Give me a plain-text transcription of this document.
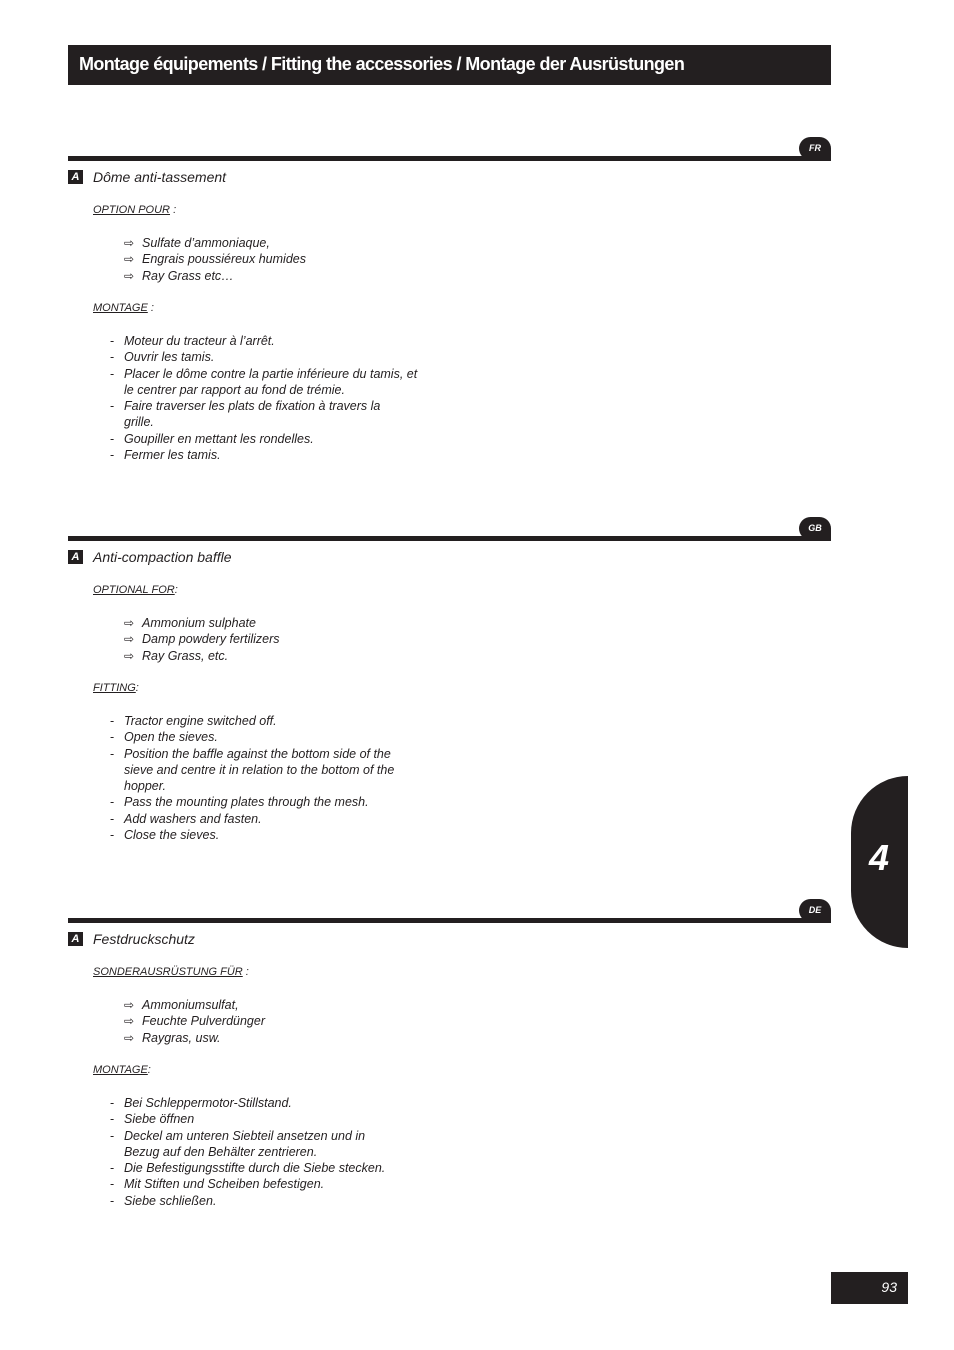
Montage équipements / Fitting the accessories / Montage der Ausrüstungen
FR
A Dôme anti-tassement
OPTION POUR :
⇨ Sulfate d’ammoniaque,
⇨ Engrais poussiéreux humides
⇨ Ray Grass etc…
MONTAGE :
- Moteur du tracteur à l’arrêt.
- Ouvrir les tamis.
- Placer le dôme contre la partie inférieure du tamis, et le centrer par rapport au fond de trémie.
- Faire traverser les plats de fixation à travers la grille.
- Goupiller en mettant les rondelles.
- Fermer les tamis.
GB
A Anti-compaction baffle
OPTIONAL FOR:
⇨ Ammonium sulphate
⇨ Damp powdery fertilizers
⇨ Ray Grass, etc.
FITTING:
- Tractor engine switched off.
- Open the sieves.
- Position the baffle against the bottom side of the sieve and centre it in relation to the bottom of the hopper.
- Pass the mounting plates through the mesh.
- Add washers and fasten.
- Close the sieves.
DE
A Festdruckschutz
SONDERAUSRÜSTUNG FÜR :
⇨ Ammoniumsulfat,
⇨ Feuchte Pulverdünger
⇨ Raygras, usw.
MONTAGE:
- Bei Schleppermotor-Stillstand.
- Siebe öffnen
- Deckel am unteren Siebteil ansetzen und in Bezug auf den Behälter zentrieren.
- Die Befestigungsstifte durch die Siebe stecken.
- Mit Stiften und Scheiben befestigen.
- Siebe schließen.
4
93
